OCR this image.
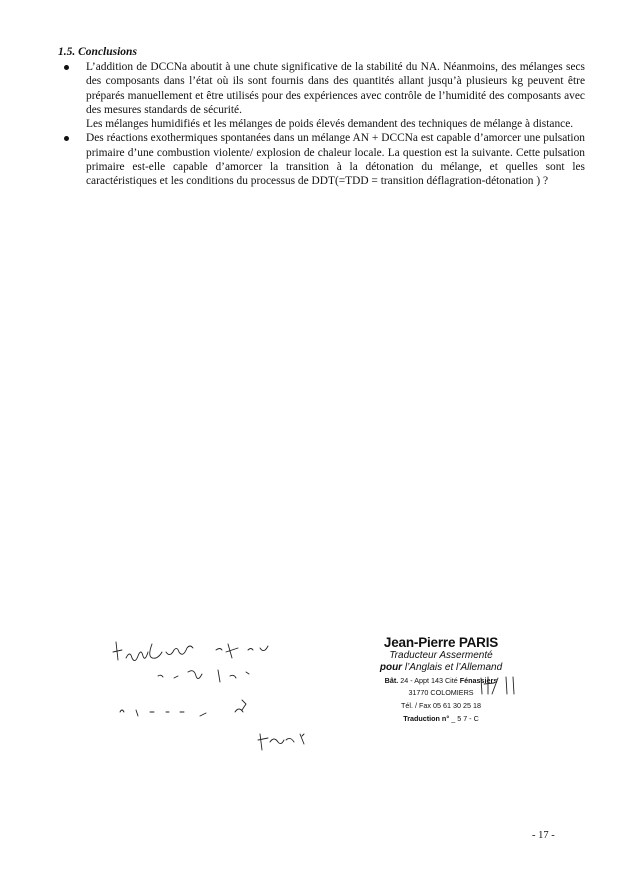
1.5. Conclusions

L’addition de DCCNa aboutit à une chute significative de la stabilité du NA. Néanmoins, des mélanges secs des composants dans l’état où ils sont fournis dans des quantités allant jusqu’à plusieurs kg peuvent être préparés manuellement et être utilisés pour des expériences avec contrôle de l’humidité des composants avec des mesures standards de sécurité.

Les mélanges humidifiés et les mélanges de poids élevés demandent des techniques de mélange à distance.

Des réactions exothermiques spontanées dans un mélange AN + DCCNa est capable d’amorcer une pulsation primaire d’une combustion violente/ explosion de chaleur locale. La question est la suivante. Cette pulsation primaire est-elle capable d’amorcer la transition à la détonation du mélange, et quelles sont les caractéristiques et les conditions du processus de DDT(=TDD = transition déflagration-détonation ) ?

Jean-Pierre PARIS
Traducteur Assermenté
pour l’Anglais et l’Allemand
Bât. 24 - Appt 143 Cité Fénassiers
31770 COLOMIERS
Tél. / Fax 05 61 30 25 18
Traduction n° _ 5 7 - C
- 17 -
